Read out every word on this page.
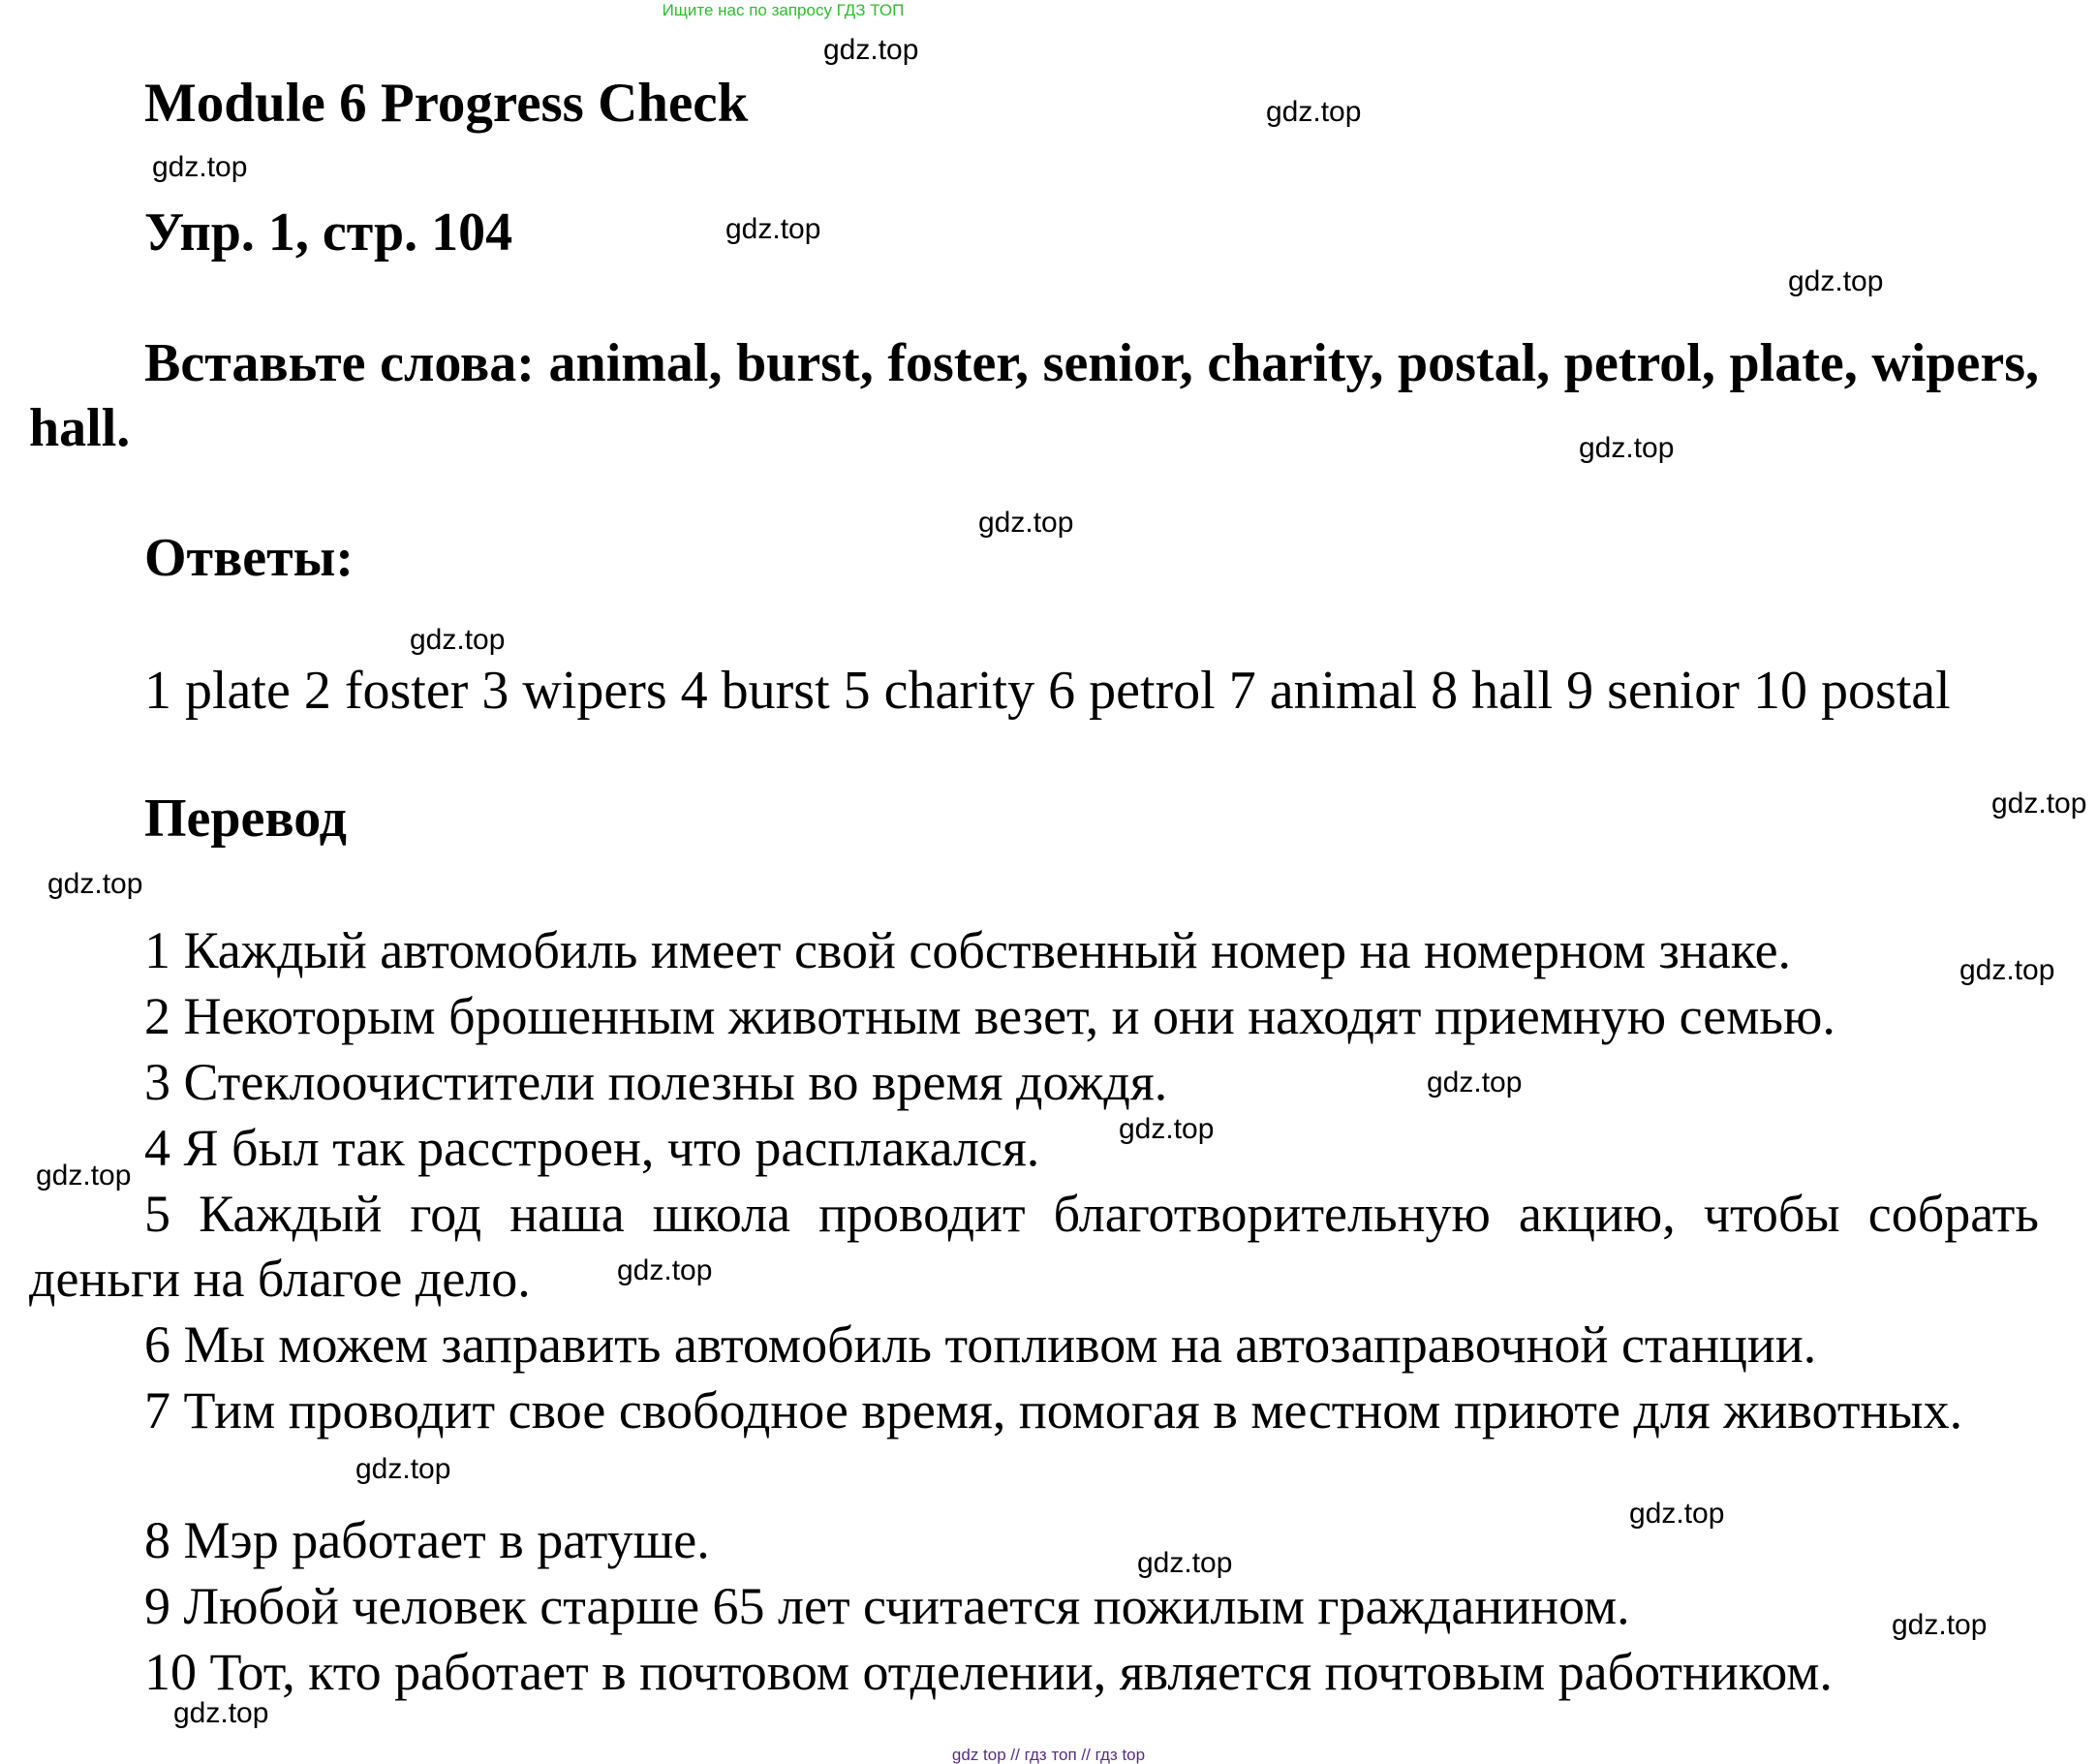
Ищите нас по запросу ГДЗ ТОП
Module 6 Progress Check
Упр. 1, стр. 104
Вставьте слова: animal, burst, foster, senior, charity, postal, petrol, plate, wipers, hall.
Ответы:
1 plate 2 foster 3 wipers 4 burst 5 charity 6 petrol 7 animal 8 hall 9 senior 10 postal
Перевод
1 Каждый автомобиль имеет свой собственный номер на номерном знаке.
2 Некоторым брошенным животным везет, и они находят приемную семью.
3 Стеклоочистители полезны во время дождя.
4 Я был так расстроен, что расплакался.
5 Каждый год наша школа проводит благотворительную акцию, чтобы собрать деньги на благое дело.
6 Мы можем заправить автомобиль топливом на автозаправочной станции.
7 Тим проводит свое свободное время, помогая в местном приюте для животных.
8 Мэр работает в ратуше.
9 Любой человек старше 65 лет считается пожилым гражданином.
10 Тот, кто работает в почтовом отделении, является почтовым работником.
gdz.top
gdz.top
gdz.top
gdz.top
gdz.top
gdz.top
gdz.top
gdz.top
gdz.top
gdz.top
gdz.top
gdz.top
gdz.top
gdz.top
gdz.top
gdz.top
gdz.top
gdz.top
gdz.top
gdz.top
gdz top // гдз топ // гдз top
